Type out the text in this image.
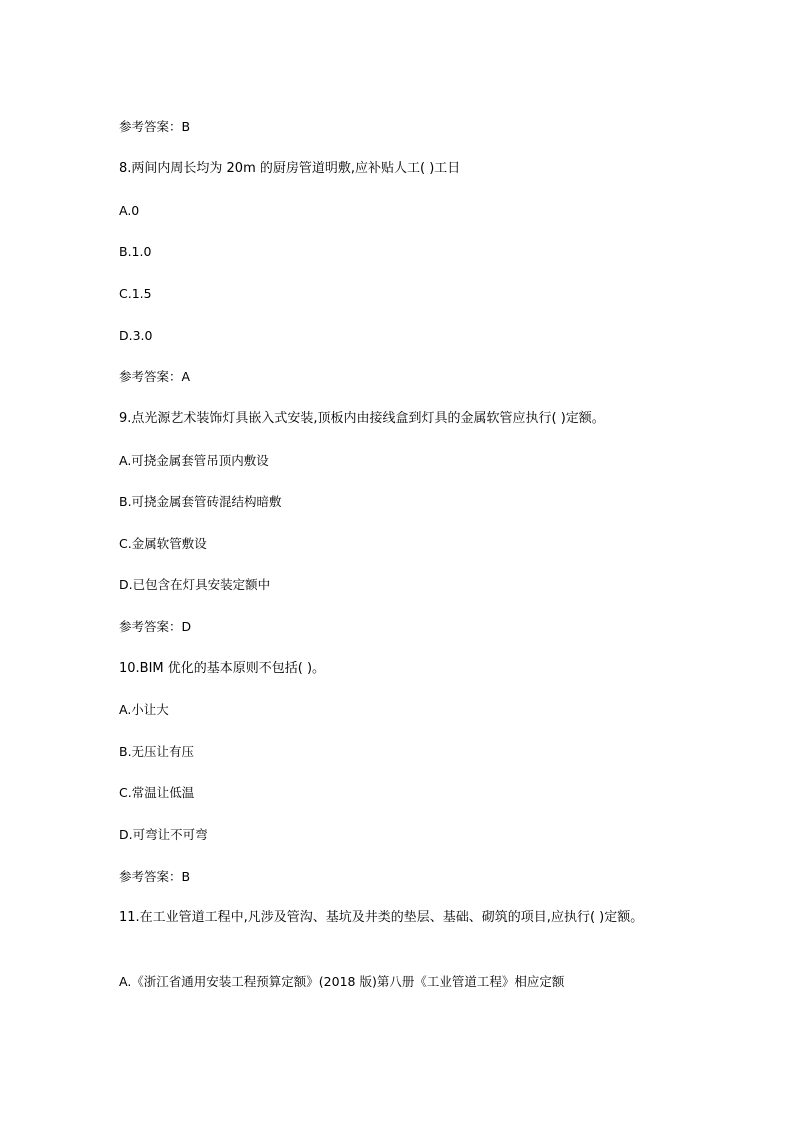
参考答案：B

8.两间内周长均为 20m 的厨房管道明敷,应补贴人工( )工日

A.0

B.1.0

C.1.5

D.3.0

参考答案：A

9.点光源艺术装饰灯具嵌入式安装,顶板内由接线盒到灯具的金属软管应执行( )定额。

A.可挠金属套管吊顶内敷设

B.可挠金属套管砖混结构暗敷

C.金属软管敷设

D.已包含在灯具安装定额中

参考答案：D

10.BIM 优化的基本原则不包括( )。

A.小让大

B.无压让有压

C.常温让低温

D.可弯让不可弯

参考答案：B

11.在工业管道工程中,凡涉及管沟、基坑及井类的垫层、基础、砌筑的项目,应执行( )定额。

A.《浙江省通用安装工程预算定额》(2018 版)第八册《工业管道工程》相应定额
